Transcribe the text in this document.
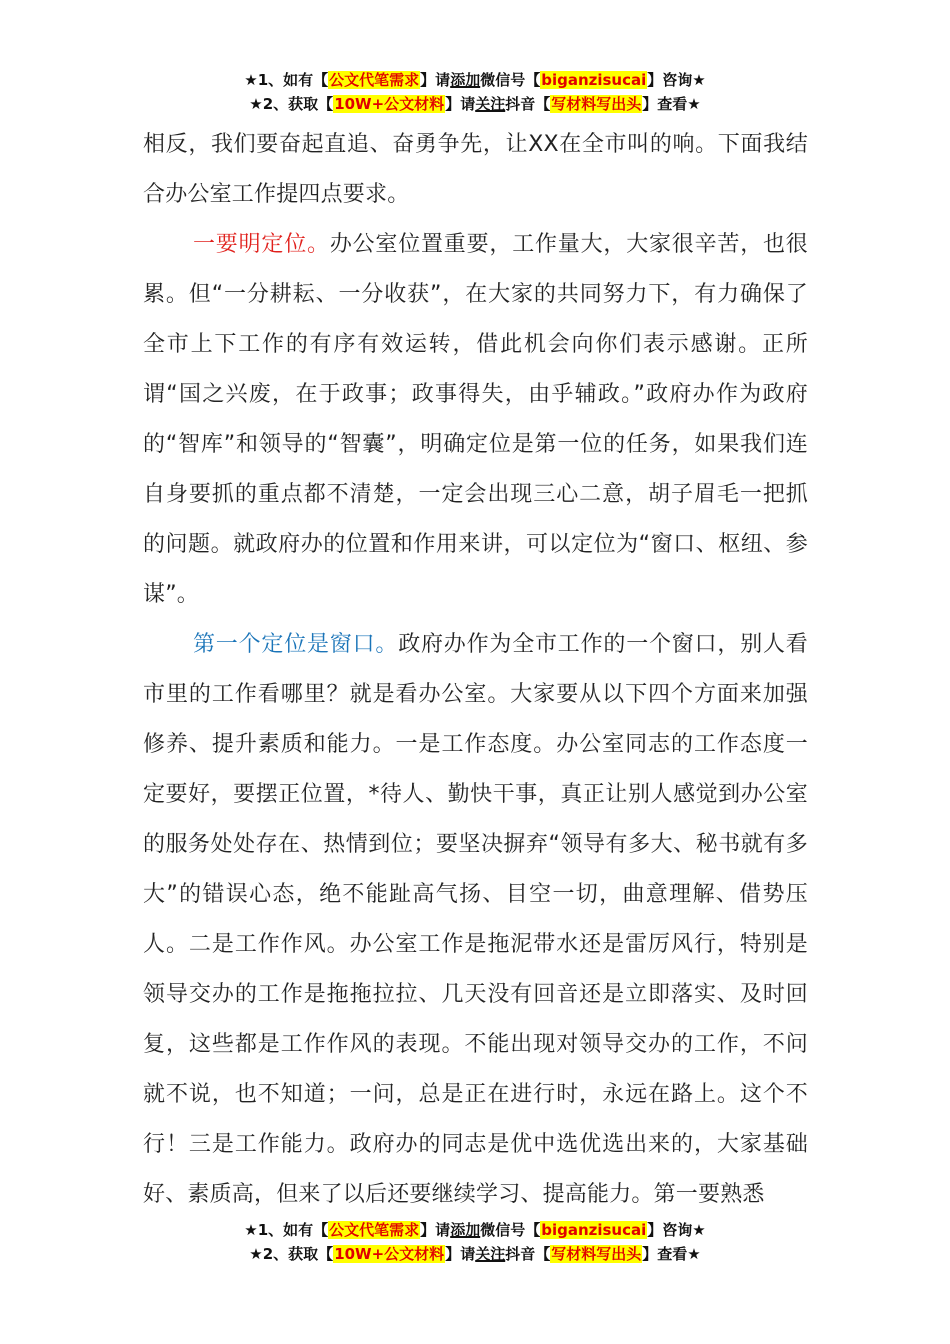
★1、如有【公文代笔需求】请添加微信号【biganzisucai】咨询★
★2、获取【10W+公文材料】请关注抖音【写材料写出头】查看★

相反，我们要奋起直追、奋勇争先，让XX在全市叫的响。下面我结合办公室工作提四点要求。

一要明定位。办公室位置重要，工作量大，大家很辛苦，也很累。但“一分耕耘、一分收获”，在大家的共同努力下，有力确保了全市上下工作的有序有效运转，借此机会向你们表示感谢。正所谓“国之兴废，在于政事；政事得失，由乎辅政。”政府办作为政府的“智库”和领导的“智囊”，明确定位是第一位的任务，如果我们连自身要抓的重点都不清楚，一定会出现三心二意，胡子眉毛一把抓的问题。就政府办的位置和作用来讲，可以定位为“窗口、枢纽、参谋”。

第一个定位是窗口。政府办作为全市工作的一个窗口，别人看市里的工作看哪里？就是看办公室。大家要从以下四个方面来加强修养、提升素质和能力。一是工作态度。办公室同志的工作态度一定要好，要摆正位置，*待人、勤快干事，真正让别人感觉到办公室的服务处处存在、热情到位；要坚决摒弃“领导有多大、秘书就有多大”的错误心态，绝不能趾高气扬、目空一切，曲意理解、借势压人。二是工作作风。办公室工作是拖泥带水还是雷厉风行，特别是领导交办的工作是拖拖拉拉、几天没有回音还是立即落实、及时回复，这些都是工作作风的表现。不能出现对领导交办的工作，不问就不说，也不知道；一问，总是正在进行时，永远在路上。这个不行！三是工作能力。政府办的同志是优中选优选出来的，大家基础好、素质高，但来了以后还要继续学习、提高能力。第一要熟悉

★1、如有【公文代笔需求】请添加微信号【biganzisucai】咨询★
★2、获取【10W+公文材料】请关注抖音【写材料写出头】查看★
